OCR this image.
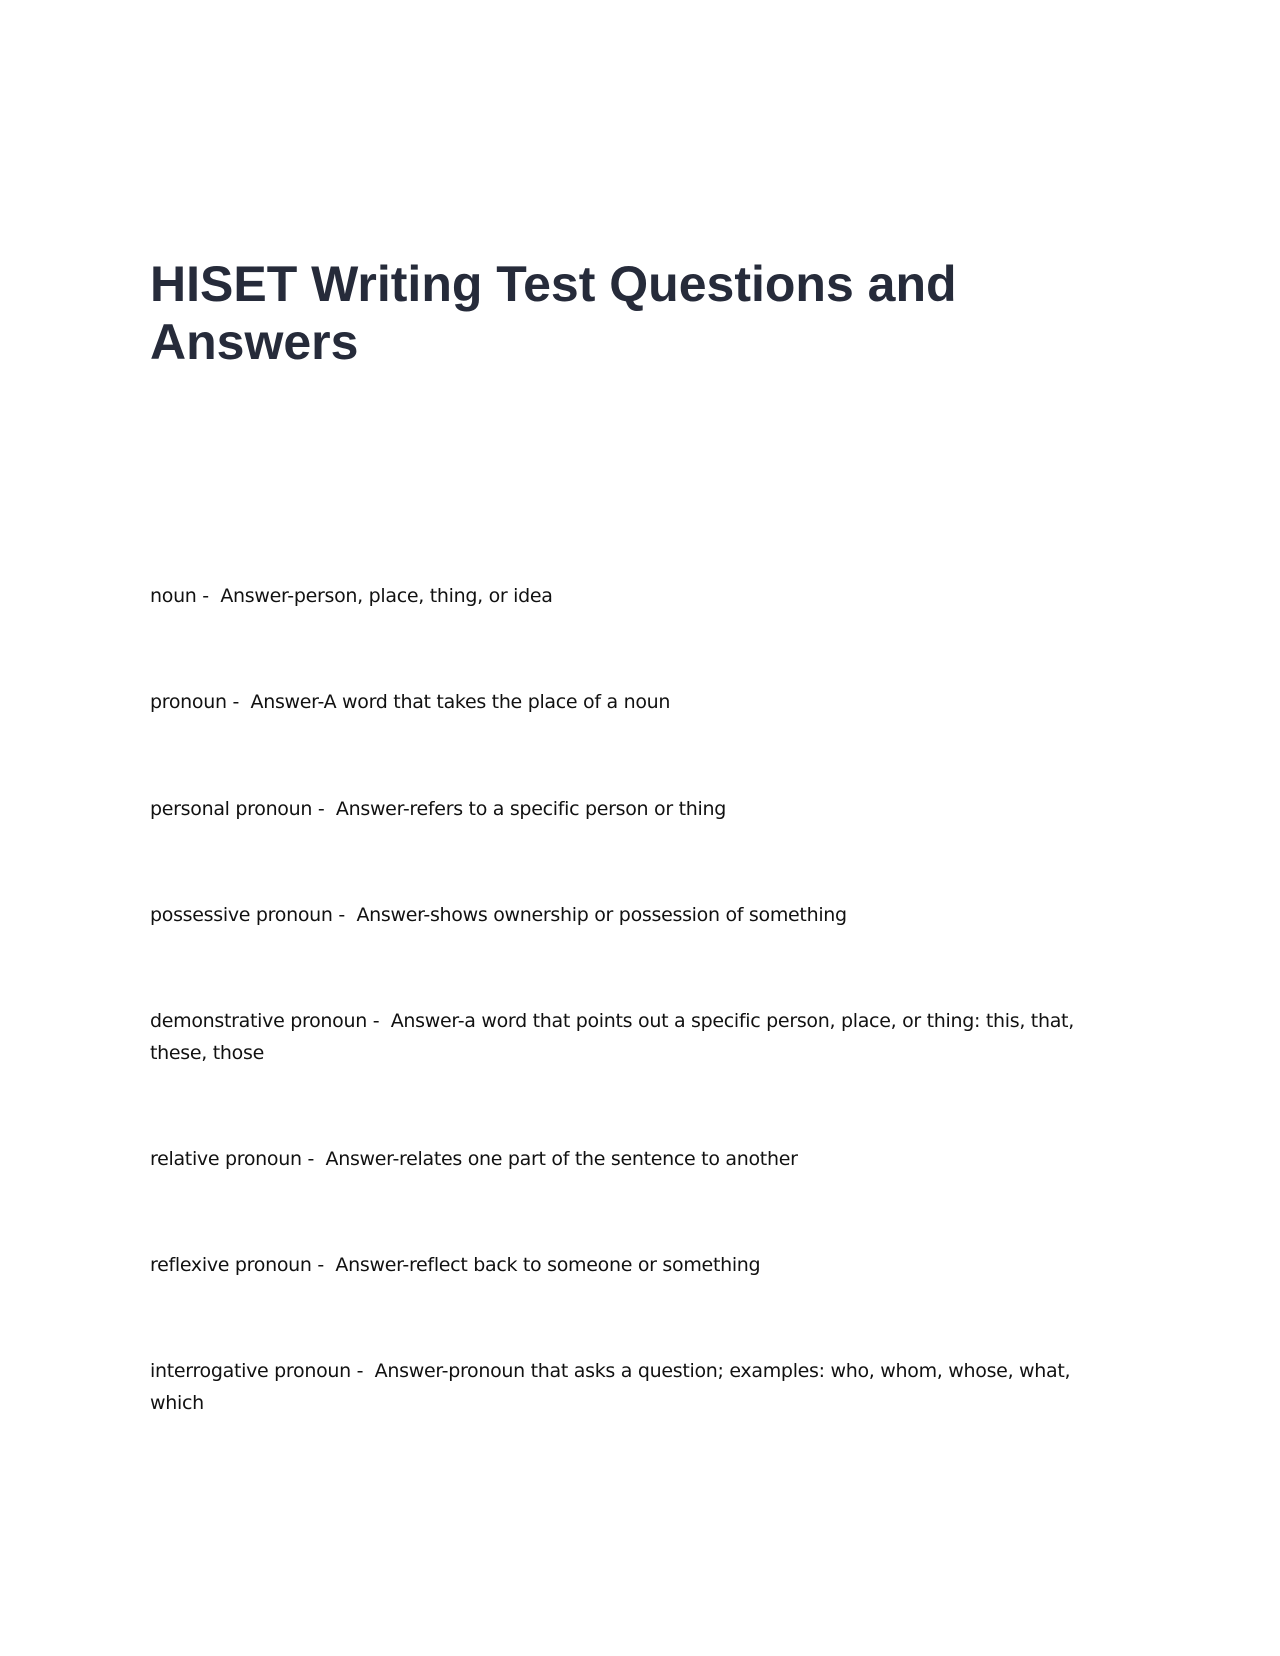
HISET Writing Test Questions and Answers
noun -  Answer-person, place, thing, or idea
pronoun -  Answer-A word that takes the place of a noun
personal pronoun -  Answer-refers to a specific person or thing
possessive pronoun -  Answer-shows ownership or possession of something
demonstrative pronoun -  Answer-a word that points out a specific person, place, or thing: this, that, these, those
relative pronoun -  Answer-relates one part of the sentence to another
reflexive pronoun -  Answer-reflect back to someone or something
interrogative pronoun -  Answer-pronoun that asks a question; examples: who, whom, whose, what, which
